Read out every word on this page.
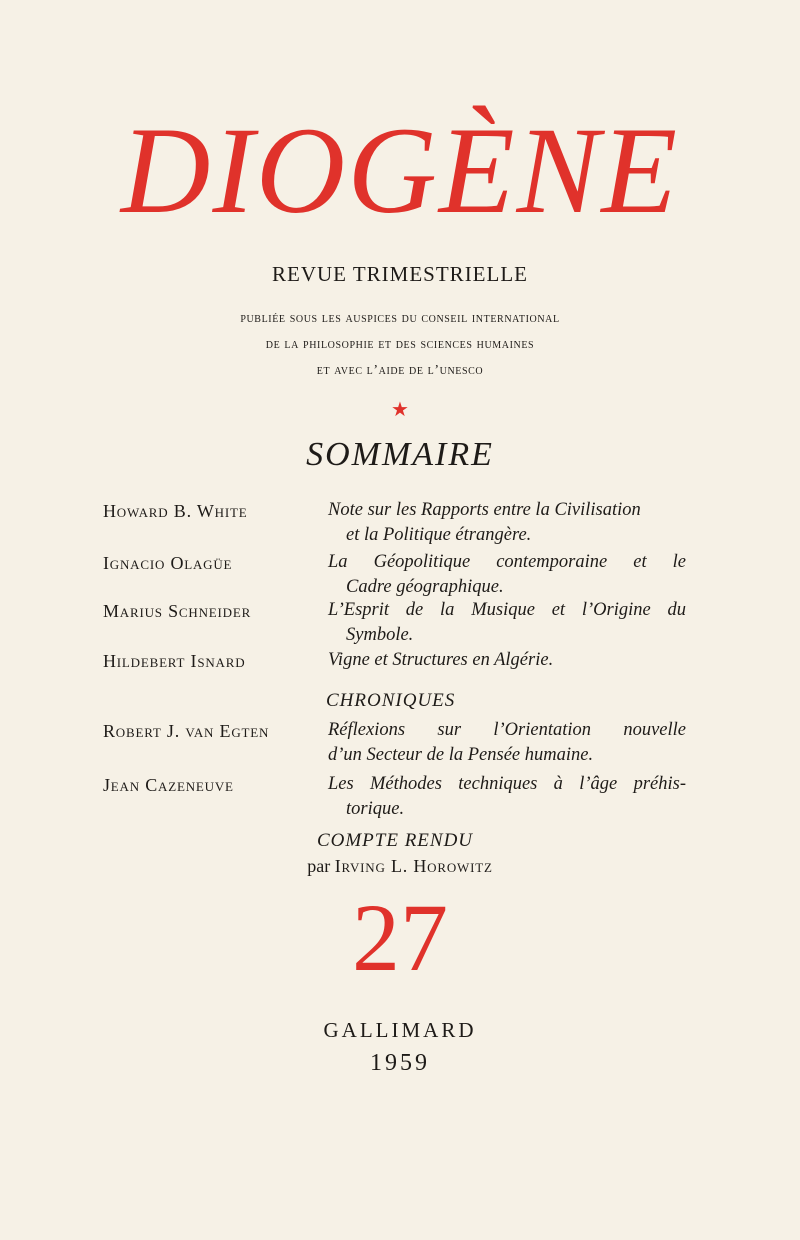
DIOGÈNE
REVUE TRIMESTRIELLE
publiée sous les auspices du conseil international
de la philosophie et des sciences humaines
et avec l’aide de l’unesco
★
SOMMAIRE
Howard B. White	Note sur les Rapports entre la Civilisation
et la Politique étrangère.
Ignacio Olagüe	La Géopolitique contemporaine et le
Cadre géographique.
Marius Schneider	L’Esprit de la Musique et l’Origine du
Symbole.
Hildebert Isnard	Vigne et Structures en Algérie.
CHRONIQUES
Robert J. van Egten	Réflexions sur l’Orientation nouvelle
d’un Secteur de la Pensée humaine.
Jean Cazeneuve	Les Méthodes techniques à l’âge préhis-
torique.
COMPTE RENDU
par Irving L. Horowitz
27
GALLIMARD
1959
